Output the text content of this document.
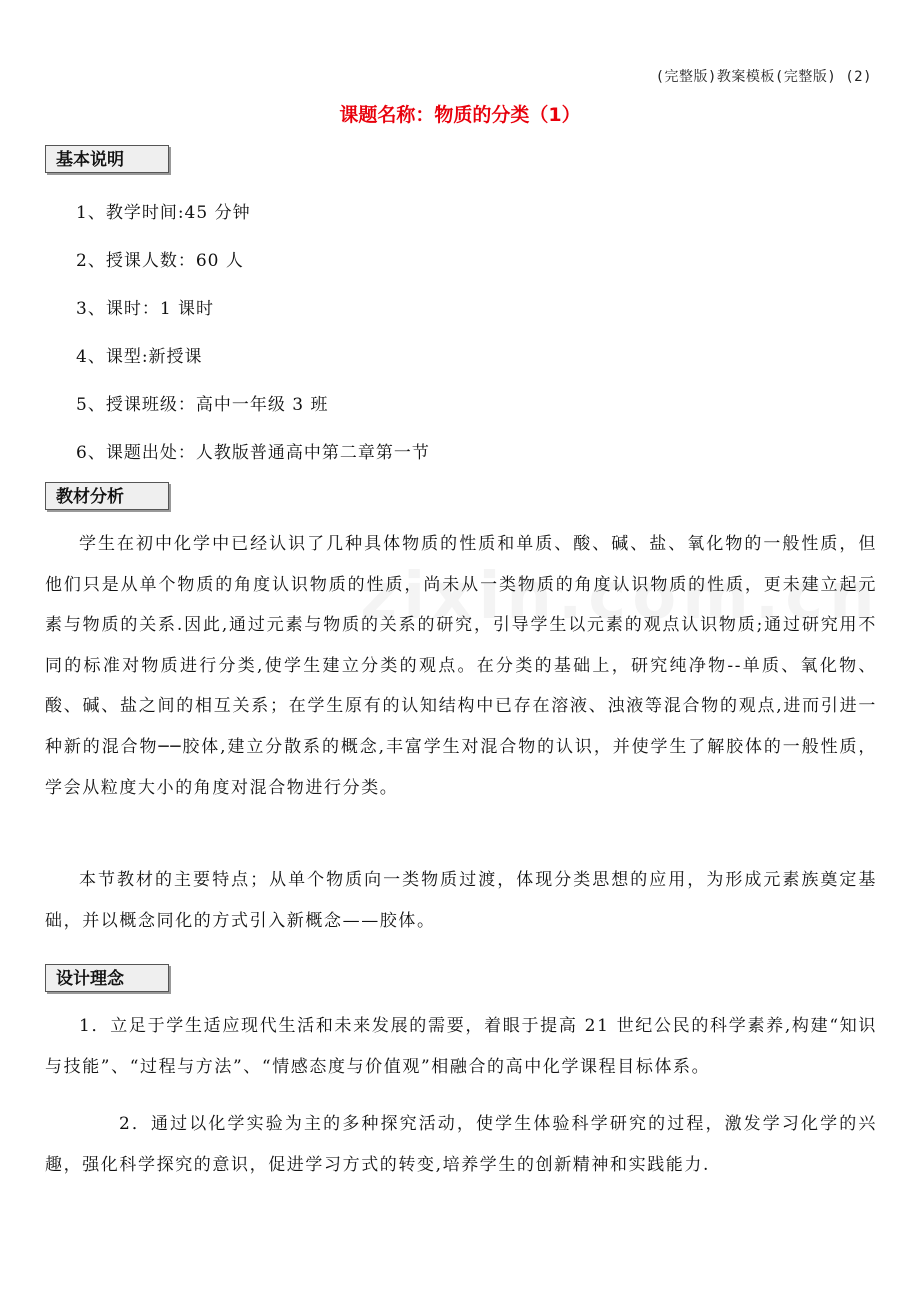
(完整版)教案模板(完整版) (2)
课题名称：物质的分类（1）
基本说明
1、教学时间:45 分钟
2、授课人数：60 人
3、课时：1 课时
4、课型:新授课
5、授课班级：高中一年级 3 班
6、课题出处：人教版普通高中第二章第一节
教材分析

学生在初中化学中已经认识了几种具体物质的性质和单质、酸、碱、盐、氧化物的一般性质，但他们只是从单个物质的角度认识物质的性质，尚未从一类物质的角度认识物质的性质，更未建立起元素与物质的关系.因此,通过元素与物质的关系的研究，引导学生以元素的观点认识物质;通过研究用不同的标准对物质进行分类,使学生建立分类的观点。在分类的基础上，研究纯净物--单质、氧化物、酸、碱、盐之间的相互关系；在学生原有的认知结构中已存在溶液、浊液等混合物的观点,进而引进一种新的混合物──胶体,建立分散系的概念,丰富学生对混合物的认识，并使学生了解胶体的一般性质，学会从粒度大小的角度对混合物进行分类。

本节教材的主要特点；从单个物质向一类物质过渡，体现分类思想的应用，为形成元素族奠定基础，并以概念同化的方式引入新概念——胶体。

设计理念

1．立足于学生适应现代生活和未来发展的需要，着眼于提高 21 世纪公民的科学素养,构建“知识与技能”、“过程与方法”、“情感态度与价值观”相融合的高中化学课程目标体系。

2．通过以化学实验为主的多种探究活动，使学生体验科学研究的过程，激发学习化学的兴趣，强化科学探究的意识，促进学习方式的转变,培养学生的创新精神和实践能力.
